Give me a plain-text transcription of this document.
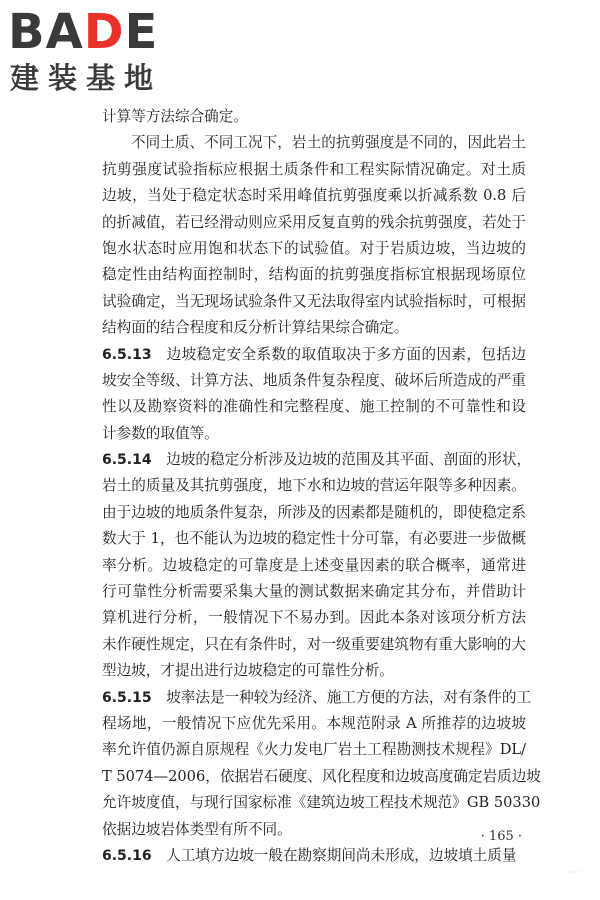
BADE
建装基地
计算等方法综合确定。
不同土质、不同工况下，岩土的抗剪强度是不同的，因此岩土
抗剪强度试验指标应根据土质条件和工程实际情况确定。对土质
边坡，当处于稳定状态时采用峰值抗剪强度乘以折减系数 0.8 后
的折减值，若已经滑动则应采用反复直剪的残余抗剪强度，若处于
饱水状态时应用饱和状态下的试验值。对于岩质边坡，当边坡的
稳定性由结构面控制时，结构面的抗剪强度指标宜根据现场原位
试验确定，当无现场试验条件又无法取得室内试验指标时，可根据
结构面的结合程度和反分析计算结果综合确定。
6.5.13  边坡稳定安全系数的取值取决于多方面的因素，包括边
坡安全等级、计算方法、地质条件复杂程度、破坏后所造成的严重
性以及勘察资料的准确性和完整程度、施工控制的不可靠性和设
计参数的取值等。
6.5.14  边坡的稳定分析涉及边坡的范围及其平面、剖面的形状，
岩土的质量及其抗剪强度，地下水和边坡的营运年限等多种因素。
由于边坡的地质条件复杂，所涉及的因素都是随机的，即使稳定系
数大于 1，也不能认为边坡的稳定性十分可靠，有必要进一步做概
率分析。边坡稳定的可靠度是上述变量因素的联合概率，通常进
行可靠性分析需要采集大量的测试数据来确定其分布，并借助计
算机进行分析，一般情况下不易办到。因此本条对该项分析方法
未作硬性规定，只在有条件时，对一级重要建筑物有重大影响的大
型边坡，才提出进行边坡稳定的可靠性分析。
6.5.15  坡率法是一种较为经济、施工方便的方法，对有条件的工
程场地，一般情况下应优先采用。本规范附录 A 所推荐的边坡坡
率允许值仍源自原规程《火力发电厂岩土工程勘测技术规程》DL/
T 5074—2006，依据岩石硬度、风化程度和边坡高度确定岩质边坡
允许坡度值，与现行国家标准《建筑边坡工程技术规范》GB 50330
依据边坡岩体类型有所不同。
6.5.16  人工填方边坡一般在勘察期间尚未形成，边坡填土质量
· 165 ·
··· ··
